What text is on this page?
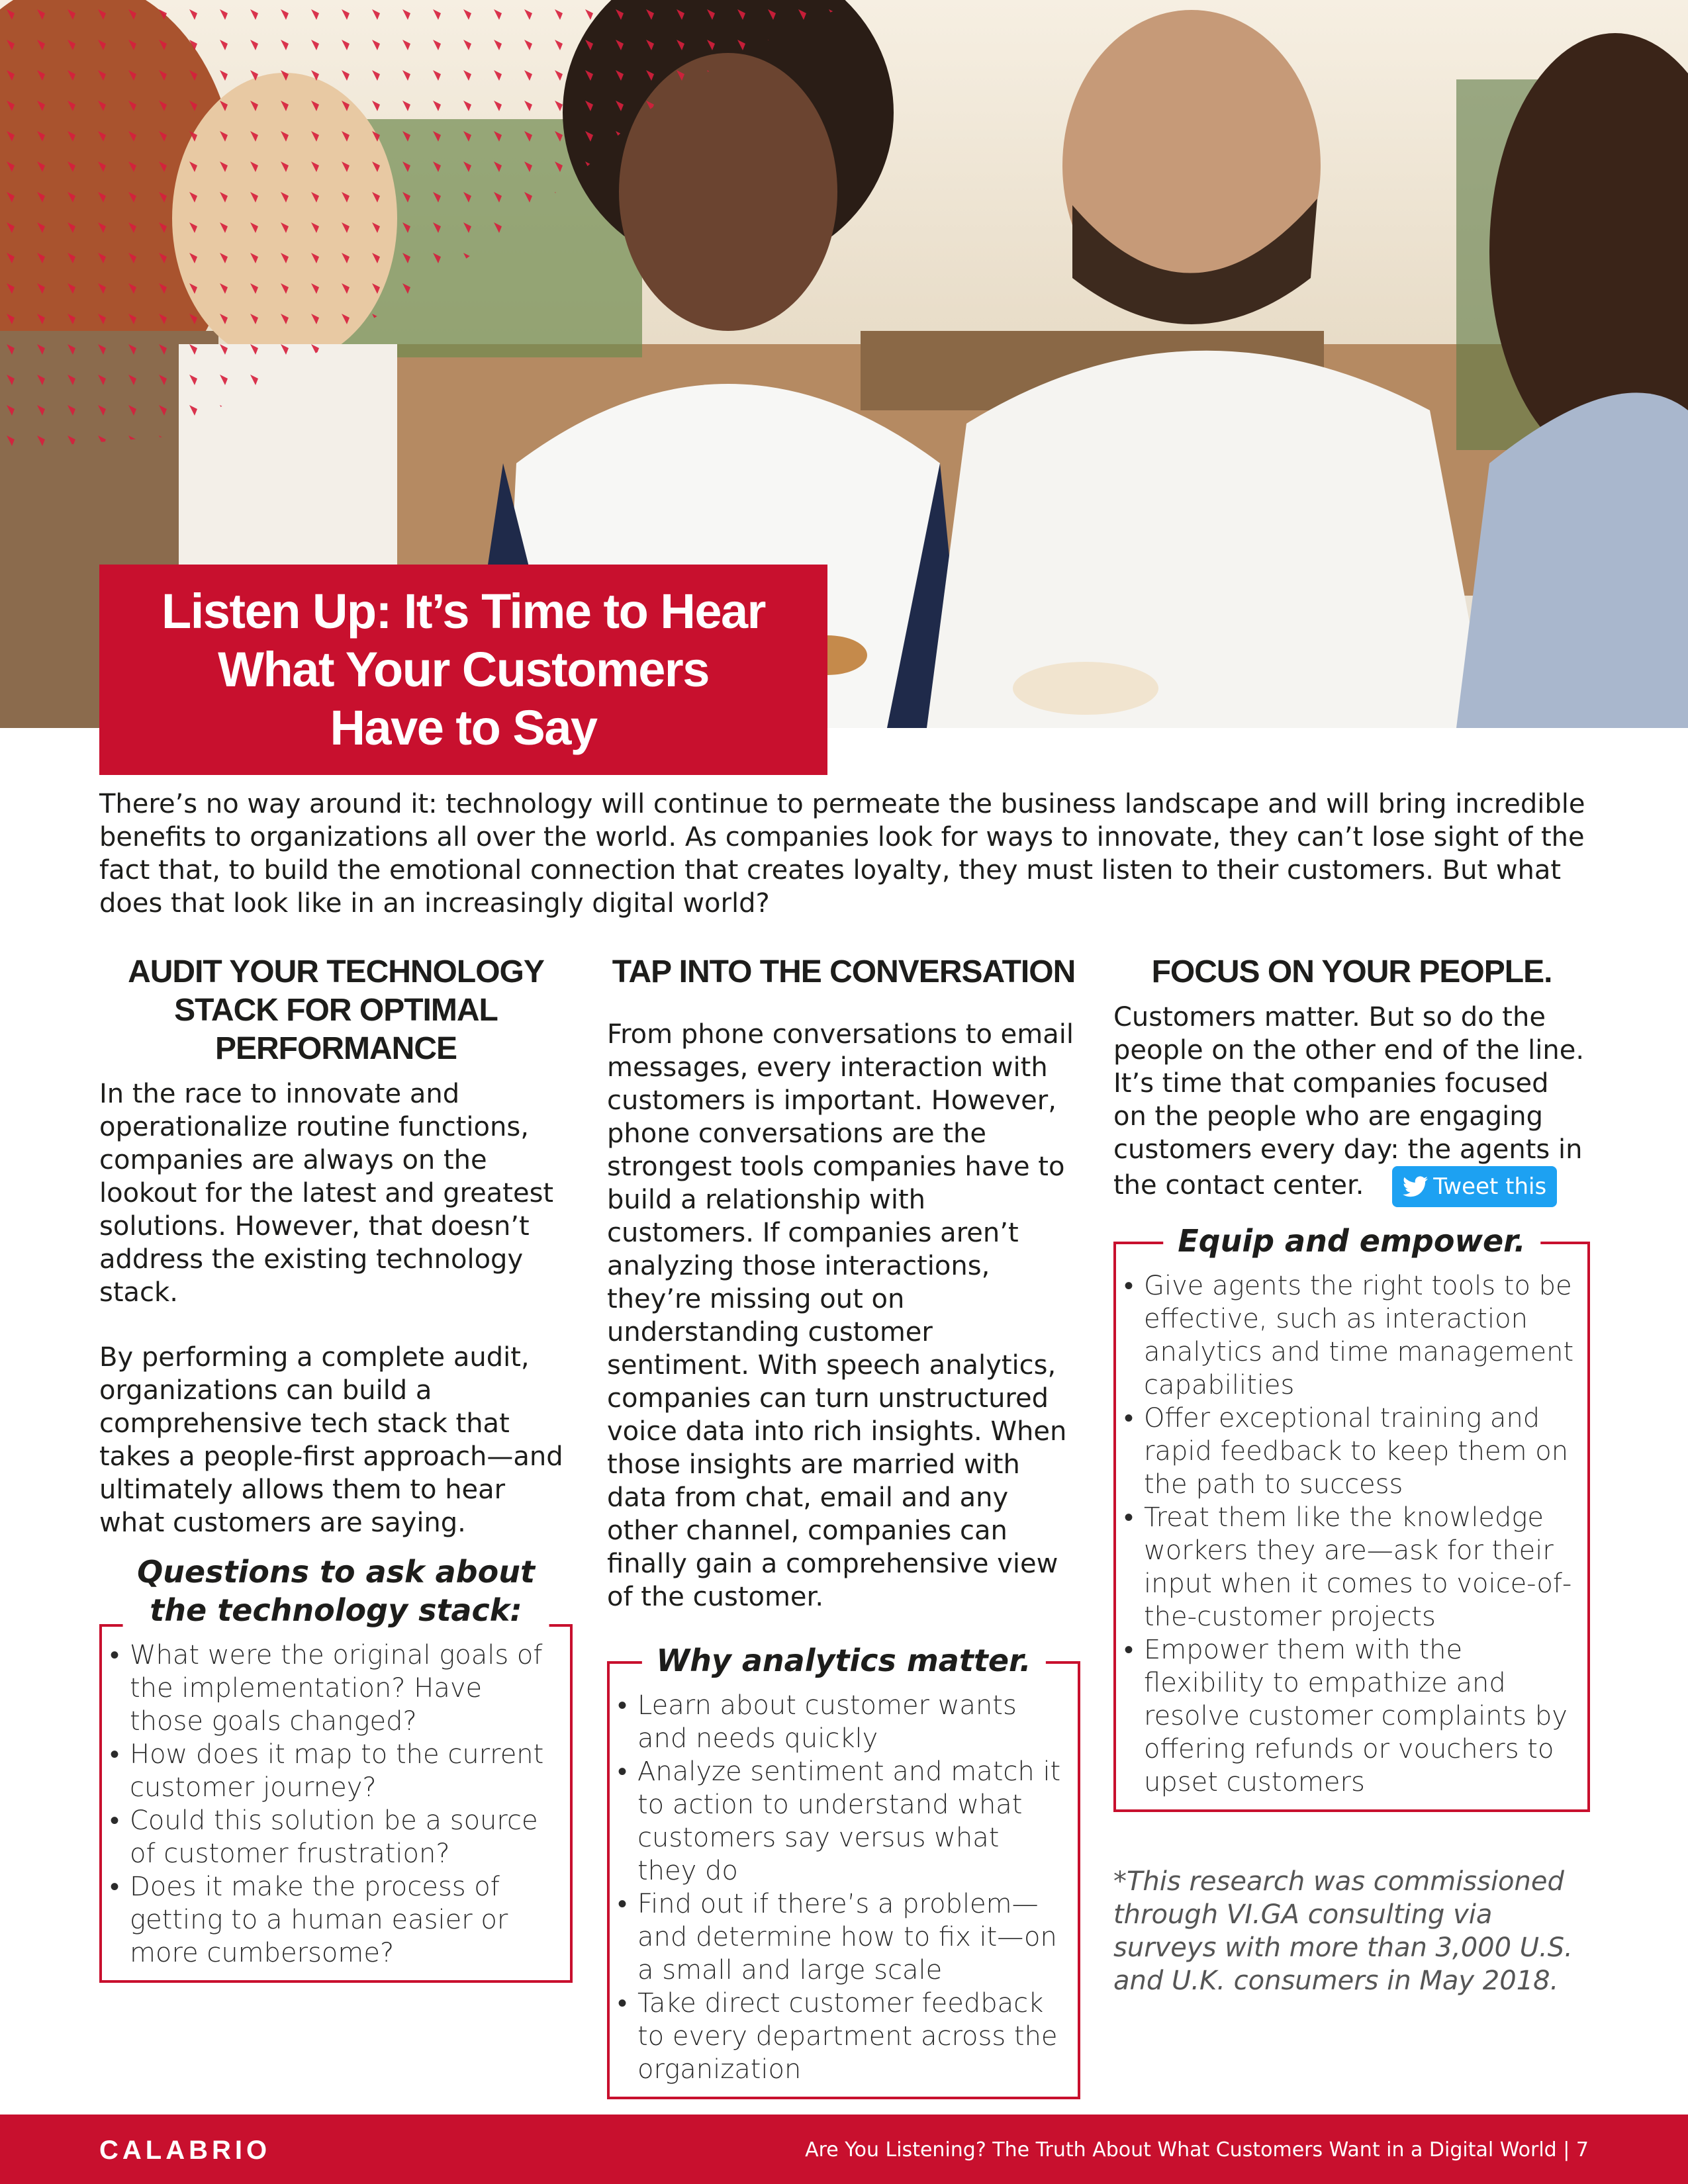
Listen Up: It’s Time to Hear
What Your Customers
Have to Say

There’s no way around it: technology will continue to permeate the business landscape and will bring incredible benefits to organizations all over the world. As companies look for ways to innovate, they can’t lose sight of the fact that, to build the emotional connection that creates loyalty, they must listen to their customers. But what does that look like in an increasingly digital world?

AUDIT YOUR TECHNOLOGY STACK FOR OPTIMAL PERFORMANCE

In the race to innovate and operationalize routine functions, companies are always on the lookout for the latest and greatest solutions. However, that doesn’t address the existing technology stack.

By performing a complete audit, organizations can build a comprehensive tech stack that takes a people-first approach—and ultimately allows them to hear what customers are saying.

Questions to ask about
the technology stack:
• What were the original goals of the implementation? Have those goals changed?
• How does it map to the current customer journey?
• Could this solution be a source of customer frustration?
• Does it make the process of getting to a human easier or more cumbersome?
TAP INTO THE CONVERSATION

From phone conversations to email messages, every interaction with customers is important. However, phone conversations are the strongest tools companies have to build a relationship with customers. If companies aren’t analyzing those interactions, they’re missing out on understanding customer sentiment. With speech analytics, companies can turn unstructured voice data into rich insights. When those insights are married with data from chat, email and any other channel, companies can finally gain a comprehensive view of the customer.

Why analytics matter.
• Learn about customer wants and needs quickly
• Analyze sentiment and match it to action to understand what customers say versus what they do
• Find out if there’s a problem—and determine how to fix it—on a small and large scale
• Take direct customer feedback to every department across the organization
FOCUS ON YOUR PEOPLE.

Customers matter. But so do the people on the other end of the line. It’s time that companies focused on the people who are engaging customers every day: the agents in the contact center.	Tweet this

Equip and empower.
• Give agents the right tools to be effective, such as interaction analytics and time management capabilities
• Offer exceptional training and rapid feedback to keep them on the path to success
• Treat them like the knowledge workers they are—ask for their input when it comes to voice-of-the-customer projects
• Empower them with the flexibility to empathize and resolve customer complaints by offering refunds or vouchers to upset customers

*This research was commissioned through VI.GA consulting via surveys with more than 3,000 U.S. and U.K. consumers in May 2018.

CALABRIO	Are You Listening? The Truth About What Customers Want in a Digital World | 7
